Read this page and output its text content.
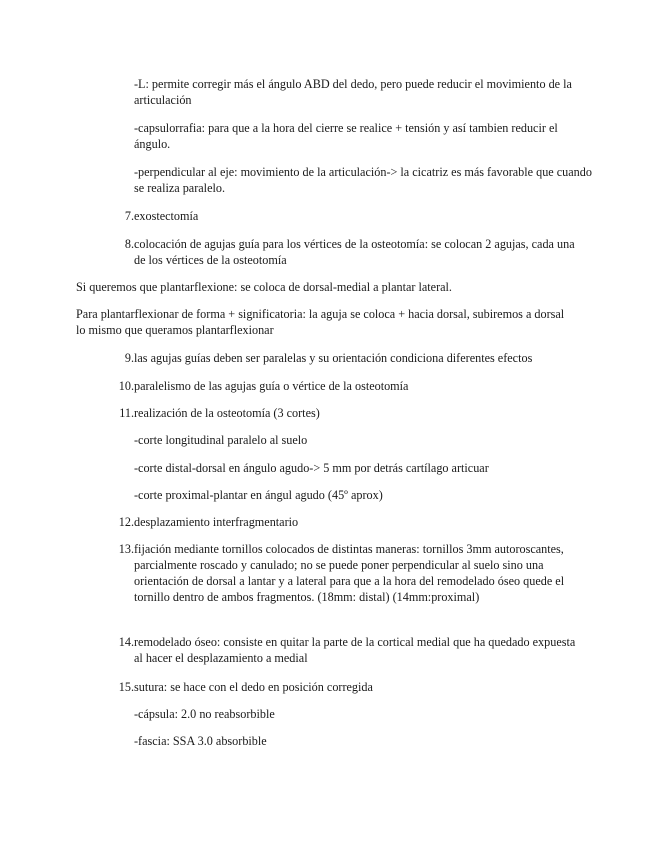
-L: permite corregir más el ángulo ABD del dedo, pero puede reducir el movimiento de la articulación

-capsulorrafia: para que a la hora del cierre se realice + tensión y así tambien reducir el ángulo.

-perpendicular al eje: movimiento de la articulación-> la cicatriz es más favorable que cuando se realiza paralelo.

7. exostectomía
8. colocación de agujas guía para los vértices de la osteotomía: se colocan 2 agujas, cada una de los vértices de la osteotomía

Si queremos que plantarflexione: se coloca de dorsal-medial a plantar lateral.

Para plantarflexionar de forma + significatoria: la aguja se coloca + hacia dorsal, subiremos a dorsal lo mismo que queramos plantarflexionar

9. las agujas guías deben ser paralelas y su orientación condiciona diferentes efectos
10. paralelismo de las agujas guía o vértice de la osteotomía
11. realización de la osteotomía (3 cortes)

-corte longitudinal paralelo al suelo

-corte distal-dorsal en ángulo agudo-> 5 mm por detrás cartílago articuar

-corte proximal-plantar en ángul agudo (45º aprox)

12. desplazamiento interfragmentario
13. fijación mediante tornillos colocados de distintas maneras: tornillos 3mm autoroscantes, parcialmente roscado y canulado; no se puede poner perpendicular al suelo sino una orientación de dorsal a lantar y a lateral para que a la hora del remodelado óseo quede el tornillo dentro de ambos fragmentos. (18mm: distal) (14mm:proximal)
14. remodelado óseo: consiste en quitar la parte de la cortical medial que ha quedado expuesta al hacer el desplazamiento a medial
15. sutura: se hace con el dedo en posición corregida

-cápsula: 2.0 no reabsorbible

-fascia: SSA 3.0 absorbible
